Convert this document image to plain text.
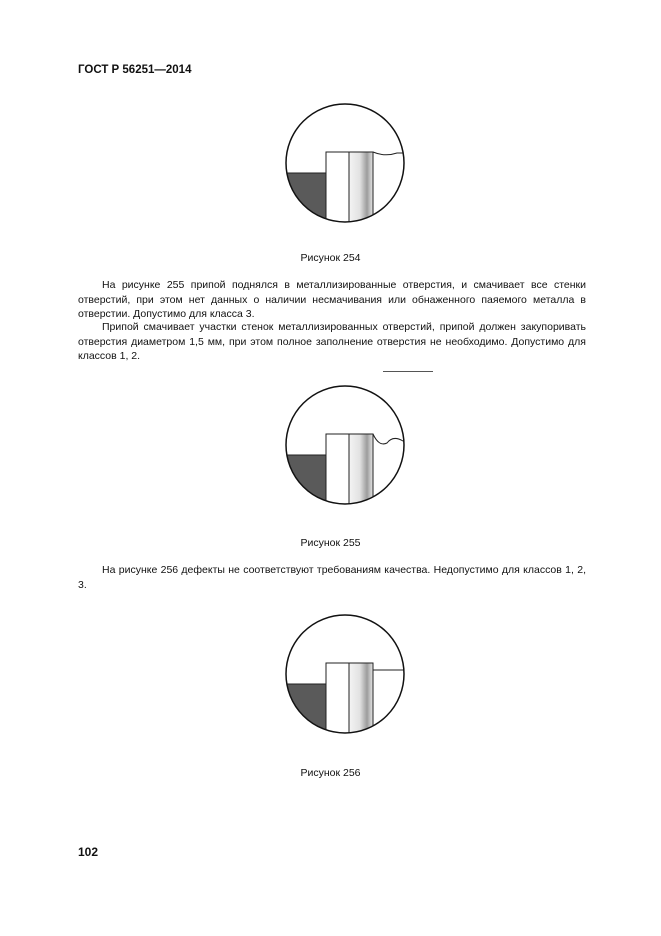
ГОСТ Р 56251—2014
Рисунок 254

На рисунке 255 припой поднялся в металлизированные отверстия, и смачивает все стенки отверстий, при этом нет данных о наличии несмачивания или обнаженного паяемого металла в отверстии. Допустимо для класса 3.

Припой смачивает участки стенок металлизированных отверстий, припой должен закупоривать отверстия диаметром 1,5 мм, при этом полное заполнение отверстия не необходимо. Допустимо для классов 1, 2.

Рисунок 255

На рисунке 256 дефекты не соответствуют требованиям качества. Недопустимо для классов 1, 2, 3.

Рисунок 256
102
